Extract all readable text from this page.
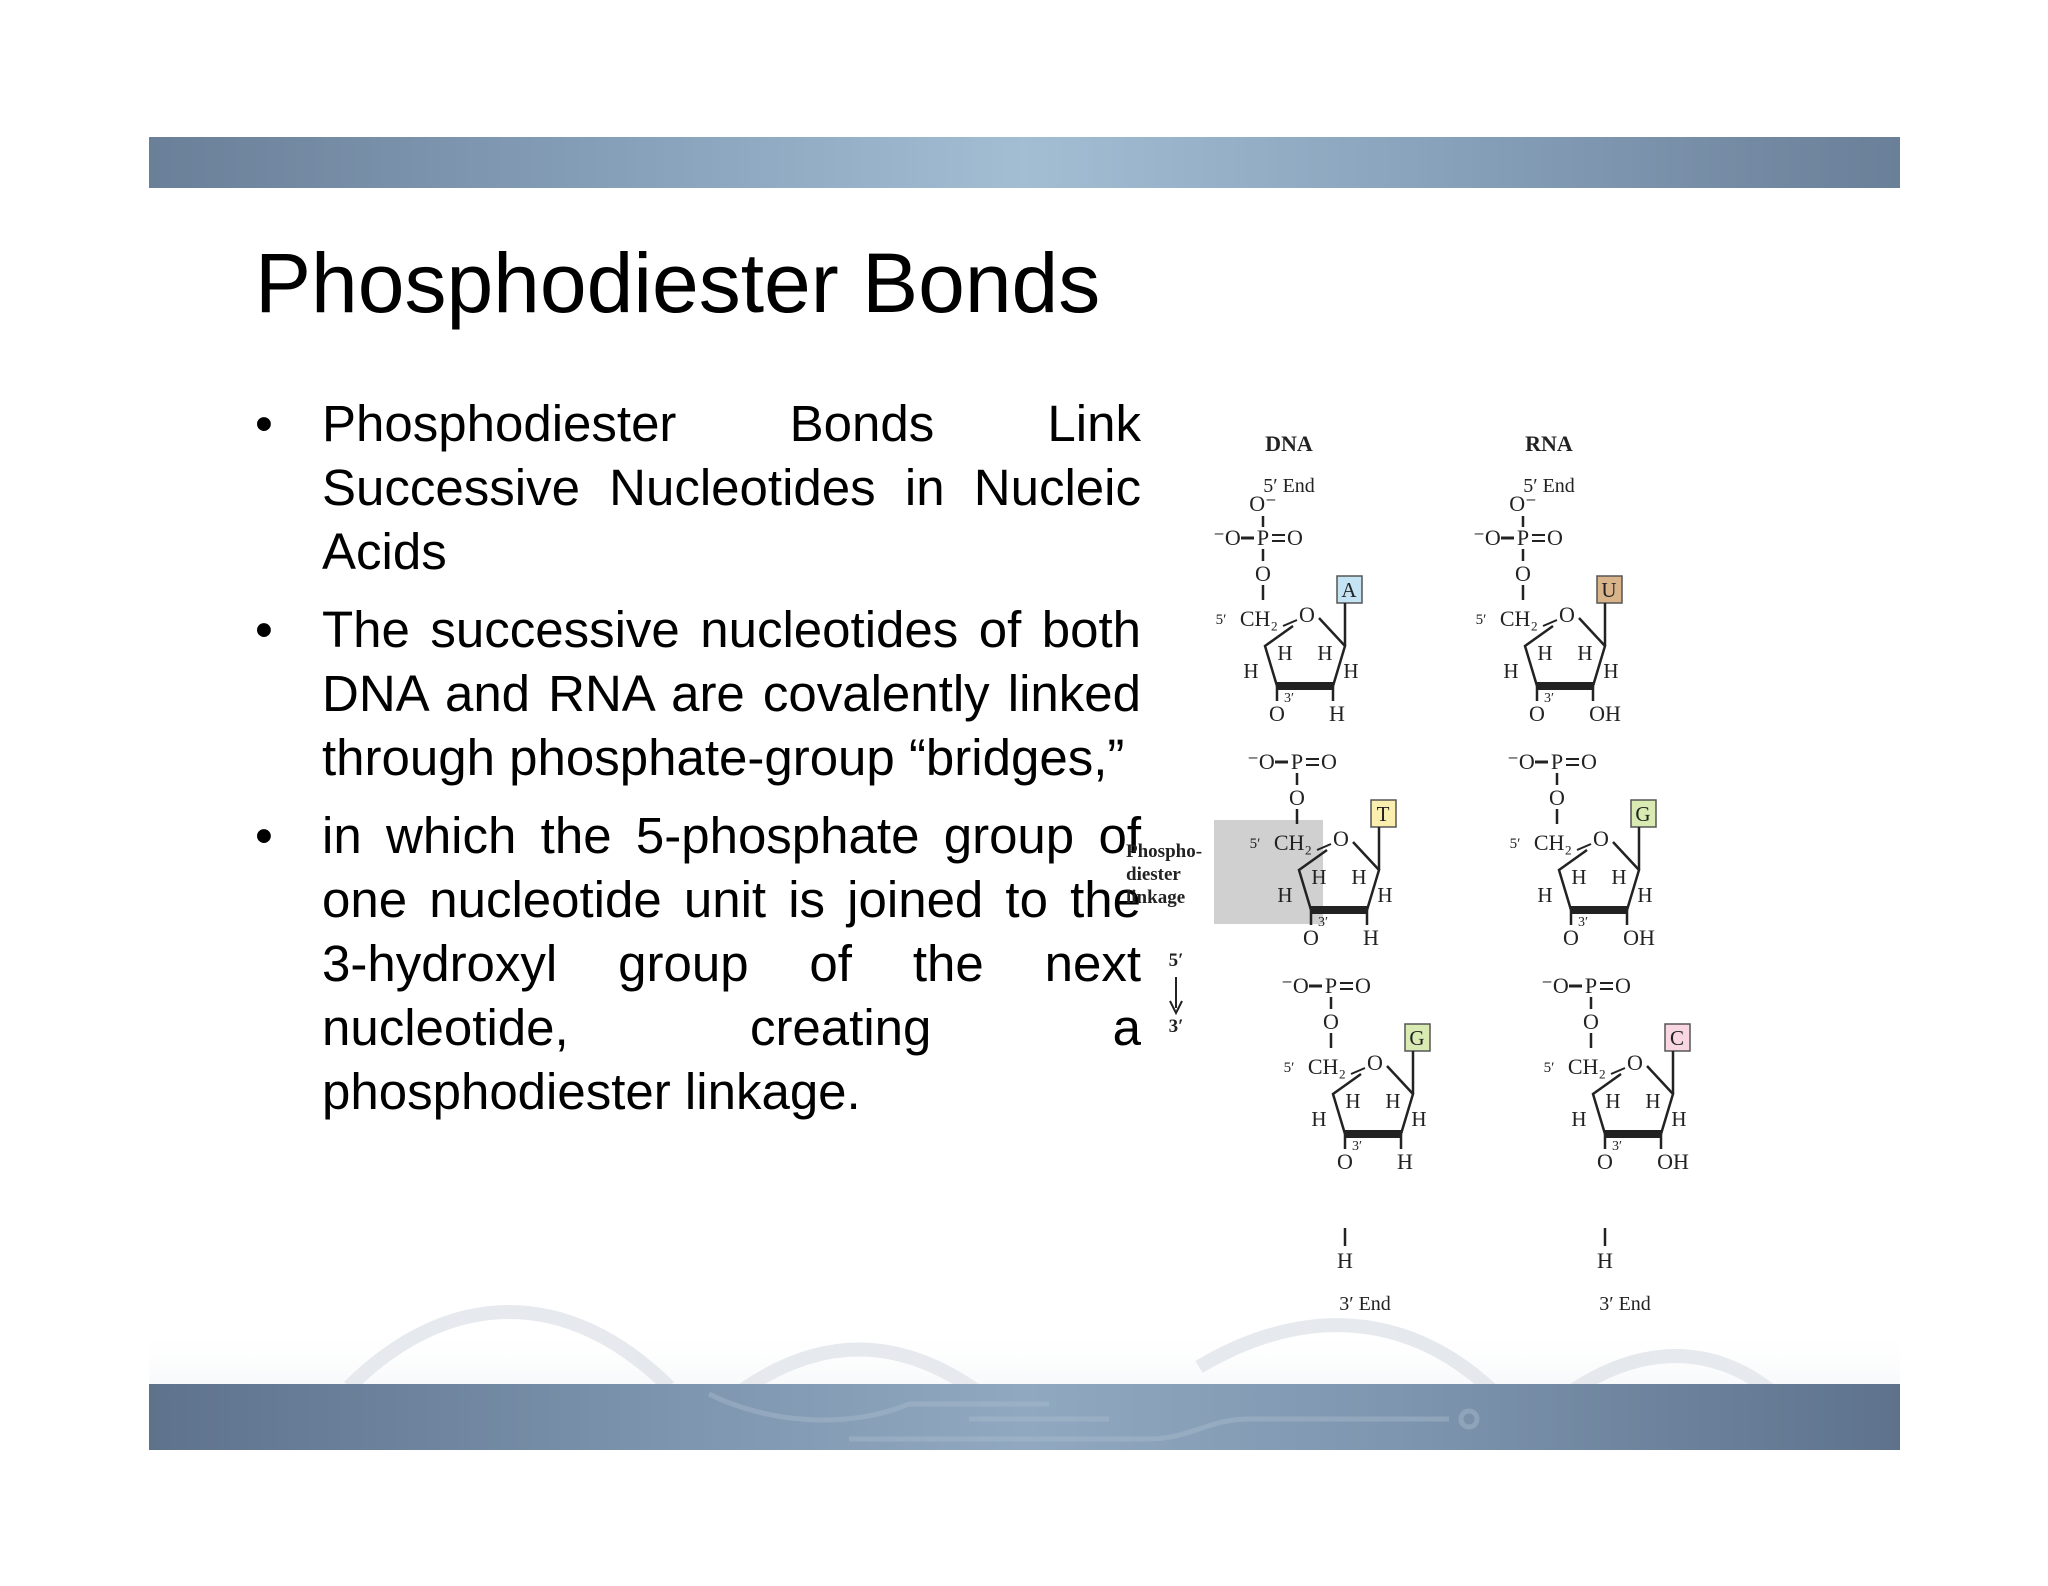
Phosphodiester Bonds
• Phosphodiester Bonds Link Successive Nucleotides in Nucleic Acids
• The successive nucleotides of both DNA and RNA are covalently linked through phosphate-group “bridges,”
• in which the 5-phosphate group of one nucleotide unit is joined to the 3-hydroxyl group of the next nucleotide, creating a phosphodiester linkage.
DNA	RNA
Phospho-
diester
linkage
5′
3′
5′ End
O⁻
P
⁻O O
O
5′ CH₂ O
A
H H
H	H
3′
O H
P
⁻O O
O
5′ CH₂ O
T
H H
H	H
3′
O H
P
⁻O O
O
5′ CH₂ O
G
H H
H	H
3′
O H
H
3′ End
5′ End
O⁻
P
⁻O O
O
5′ CH₂ O
U
H H
H	H
3′
O OH
P
⁻O O
O
5′ CH₂ O
G
H H
H	H
3′
O OH
P
⁻O O
O
5′ CH₂ O
C
H H
H	H
3′
O OH
H
3′ End
